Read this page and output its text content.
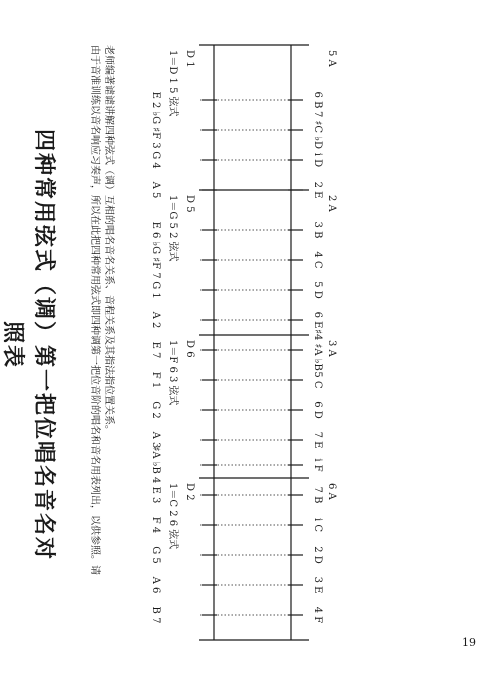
四种常用弦式（调）第一把位唱名音名对照表	由于音准训练以音名响应习奏声，所以在此把四种常用弦式即四种调第一把位音阶的唱名和音名用表列出，以供参照。请 老师编著谑谑讲解四种弦式（调）互相的唱名音名关系、音程关系及其指法指位置关系。	1＝D 1 5 弦式 D 1	5 A
E 2	6 B
♭G ♯F 3	7 ♯C ♭D
G 4	i D
A 5	2 E
1＝G 5 2 弦式 D 5	2 A
E 6	3 B
♭G ♯F 7	4 C
G 1	5 D
A 2	6 E
1＝F 6 3 弦式 D 6	3 A
E 7	♯4 ♯A ♭B
F 1	5 C
G 2	6 D
A 3	7 E
♯A ♭B 4	i F
1＝C 2 6 弦式 D 2	6 A
E 3	7 B
F 4	i C
G 5	2 D
A 6	3 E
B 7	4 F
19
